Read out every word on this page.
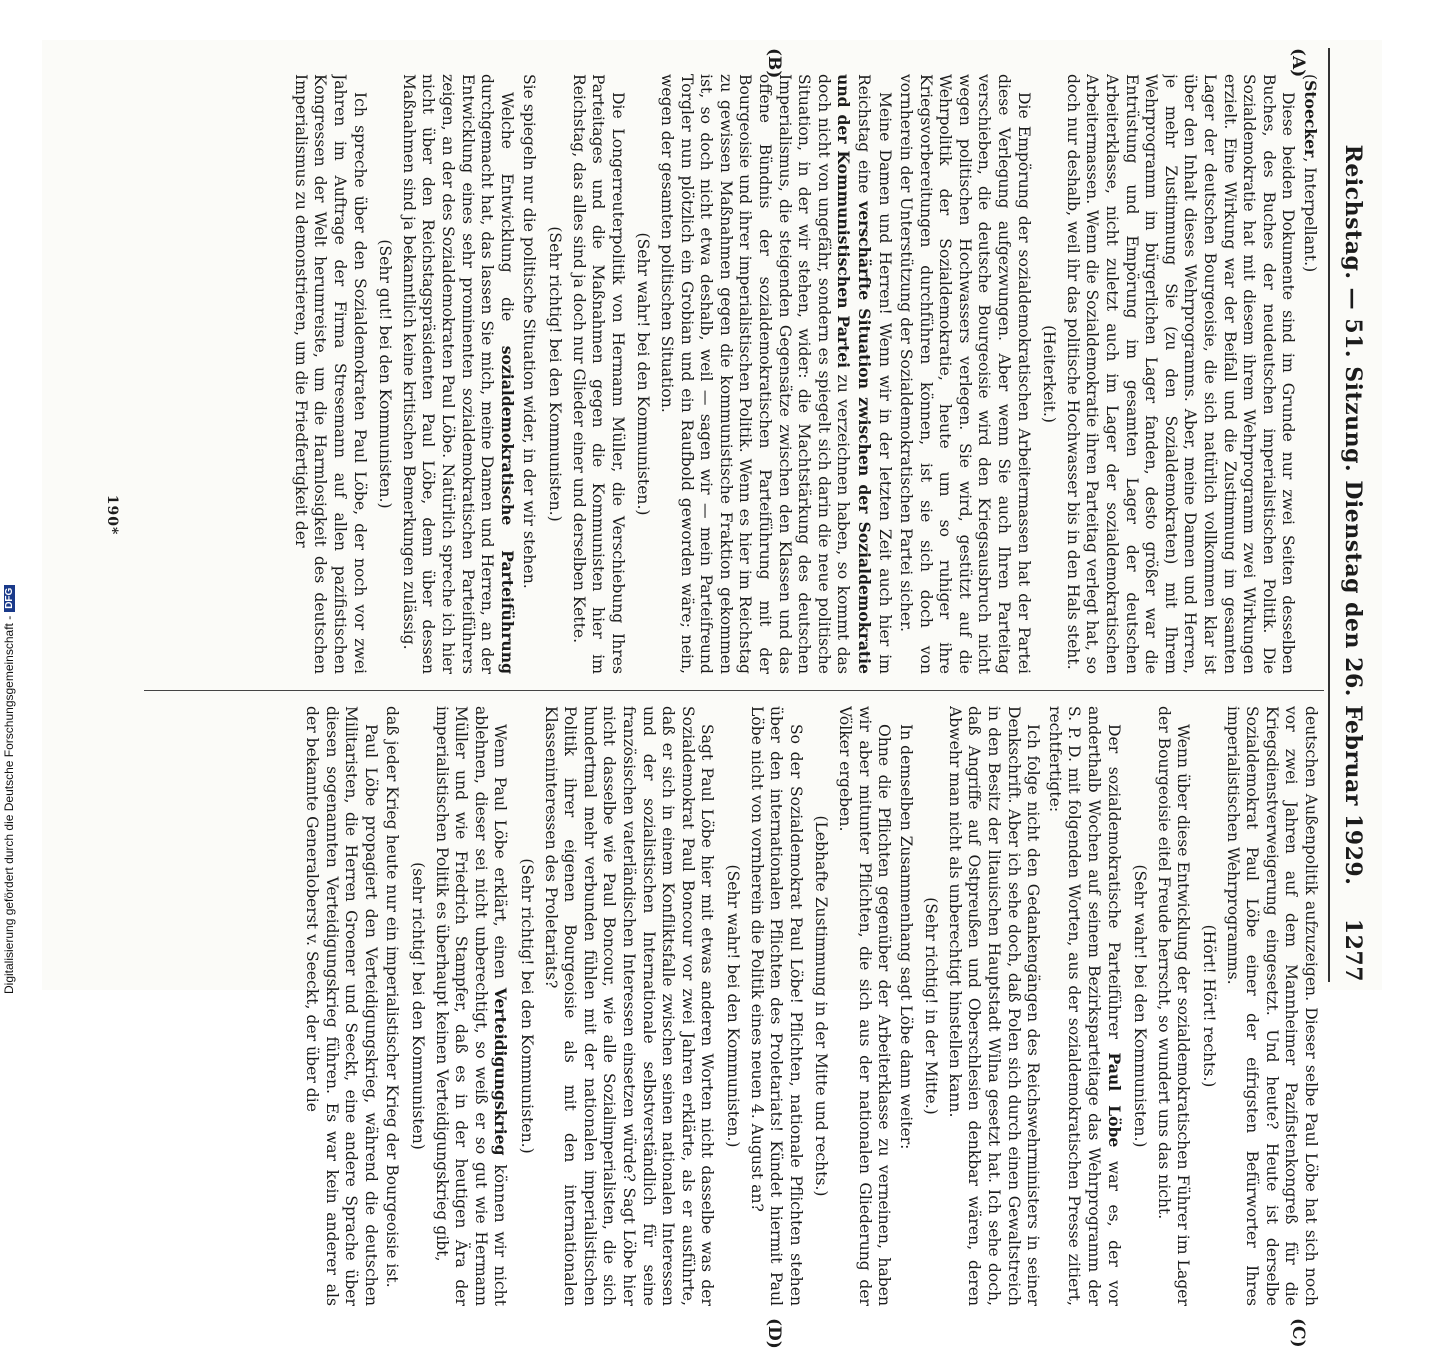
Reichstag. — 51. Sitzung. Dienstag den 26. Februar 1929.
1277
(A)
(B)
(C)
(D)

(Stoecker, Interpellant.)

Diese beiden Dokumente sind im Grunde nur zwei Seiten desselben Buches, des Buches der neudeutschen imperialistischen Politik. Die Sozialdemokratie hat mit diesem ihrem Wehrprogramm zwei Wirkungen erzielt. Eine Wirkung war der Beifall und die Zustimmung im gesamten Lager der deutschen Bourgeoisie, die sich natürlich vollkommen klar ist über den Inhalt dieses Wehrprogramms. Aber, meine Damen und Herren, je mehr Zustimmung Sie (zu den Sozialdemokraten) mit Ihrem Wehrprogramm im bürgerlichen Lager fanden, desto größer war die Entrüstung und Empörung im gesamten Lager der deutschen Arbeiterklasse, nicht zuletzt auch im Lager der sozialdemokratischen Arbeitermassen. Wenn die Sozialdemokratie ihren Parteitag verlegt hat, so doch nur deshalb, weil ihr das politische Hochwasser bis in den Hals steht.

(Heiterkeit.)

Die Empörung der sozialdemokratischen Arbeitermassen hat der Partei diese Verlegung aufgezwungen. Aber wenn Sie auch Ihren Parteitag verschieben, die deutsche Bourgeoisie wird den Kriegsausbruch nicht wegen politischen Hochwassers verlegen. Sie wird, gestützt auf die Wehrpolitik der Sozialdemokratie, heute um so ruhiger ihre Kriegsvorbereitungen durchführen können, ist sie sich doch von vornherein der Unterstützung der Sozialdemokratischen Partei sicher.

Meine Damen und Herren! Wenn wir in der letzten Zeit auch hier im Reichstag eine verschärfte Situation zwischen der Sozialdemokratie und der Kommunistischen Partei zu verzeichnen haben, so kommt das doch nicht von ungefähr, sondern es spiegelt sich darin die neue politische Situation, in der wir stehen, wider: die Machtstärkung des deutschen Imperialismus, die steigenden Gegensätze zwischen den Klassen und das offene Bündnis der sozialdemokratischen Parteiführung mit der Bourgeoisie und ihrer imperialistischen Politik. Wenn es hier im Reichstag zu gewissen Maßnahmen gegen die kommunistische Fraktion gekommen ist, so doch nicht etwa deshalb, weil — sagen wir — mein Parteifreund Torgler nun plötzlich ein Grobian und ein Raufbold geworden wäre; nein, wegen der gesamten politischen Situation.

(Sehr wahr! bei den Kommunisten.)

Die Longerreuterpolitik von Hermann Müller, die Verschiebung Ihres Parteitages und die Maßnahmen gegen die Kommunisten hier im Reichstag, das alles sind ja doch nur Glieder einer und derselben Kette.

(Sehr richtig! bei den Kommunisten.)

Sie spiegeln nur die politische Situation wider, in der wir stehen.

Welche Entwicklung die sozialdemokratische Parteiführung durchgemacht hat, das lassen Sie mich, meine Damen und Herren, an der Entwicklung eines sehr prominenten sozialdemokratischen Parteiführers zeigen, an der des Sozialdemokraten Paul Löbe. Natürlich spreche ich hier nicht über den Reichstagspräsidenten Paul Löbe, denn über dessen Maßnahmen sind ja bekanntlich keine kritischen Bemerkungen zulässig.

(Sehr gut! bei den Kommunisten.)

Ich spreche über den Sozialdemokraten Paul Löbe, der noch vor zwei Jahren im Auftrage der Firma Stresemann auf allen pazifistischen Kongressen der Welt herumreiste, um die Harmlosigkeit des deutschen Imperialismus zu demonstrieren, um die Friedfertigkeit der

deutschen Außenpolitik aufzuzeigen. Dieser selbe Paul Löbe hat sich noch vor zwei Jahren auf dem Mannheimer Pazifistenkongreß für die Kriegsdienstverweigerung eingesetzt. Und heute? Heute ist derselbe Sozialdemokrat Paul Löbe einer der eifrigsten Befürworter Ihres imperialistischen Wehrprogramms.

(Hört! Hört! rechts.)

Wenn über diese Entwicklung der sozialdemokratischen Führer im Lager der Bourgeoisie eitel Freude herrscht, so wundert uns das nicht.

(Sehr wahr! bei den Kommunisten.)

Der sozialdemokratische Parteiführer Paul Löbe war es, der vor anderthalb Wochen auf seinem Bezirksparteitage das Wehrprogramm der S. P. D. mit folgenden Worten, aus der sozialdemokratischen Presse zitiert, rechtfertigte:

Ich folge nicht den Gedankengängen des Reichswehrministers in seiner Denkschrift. Aber ich sehe doch, daß Polen sich durch einen Gewaltstreich in den Besitz der litauischen Hauptstadt Wilna gesetzt hat. Ich sehe doch, daß Angriffe auf Ostpreußen und Oberschlesien denkbar wären, deren Abwehr man nicht als unberechtigt hinstellen kann.

(Sehr richtig! in der Mitte.)

In demselben Zusammenhang sagt Löbe dann weiter:

Ohne die Pflichten gegenüber der Arbeiterklasse zu verneinen, haben wir aber mitunter Pflichten, die sich aus der nationalen Gliederung der Völker ergeben.

(Lebhafte Zustimmung in der Mitte und rechts.)

So der Sozialdemokrat Paul Löbe! Pflichten, nationale Pflichten stehen über den internationalen Pflichten des Proletariats! Kündet hiermit Paul Löbe nicht von vornherein die Politik eines neuen 4. August an?

(Sehr wahr! bei den Kommunisten.)

Sagt Paul Löbe hier mit etwas anderen Worten nicht dasselbe was der Sozialdemokrat Paul Boncour vor zwei Jahren erklärte, als er ausführte, daß er sich in einem Konfliktsfalle zwischen seinen nationalen Interessen und der sozialistischen Internationale selbstverständlich für seine französischen vaterländischen Interessen einsetzen würde? Sagt Löbe hier nicht dasselbe wie Paul Boncour, wie alle Sozialimperialisten, die sich hundertmal mehr verbunden fühlen mit der nationalen imperialistischen Politik ihrer eigenen Bourgeoisie als mit den internationalen Klasseninteressen des Proletariats?

(Sehr richtig! bei den Kommunisten.)

Wenn Paul Löbe erklärt, einen Verteidigungskrieg können wir nicht ablehnen, dieser sei nicht unberechtigt, so weiß er so gut wie Hermann Müller und wie Friedrich Stampfer, daß es in der heutigen Ära der imperialistischen Politik es überhaupt keinen Verteidigungskrieg gibt,

(sehr richtig! bei den Kommunisten)

daß jeder Krieg heute nur ein imperialistischer Krieg der Bourgeoisie ist.

Paul Löbe propagiert den Verteidigungskrieg, während die deutschen Militaristen, die Herren Groener und Seeckt, eine andere Sprache über diesen sogenannten Verteidigungskrieg führen. Es war kein anderer als der bekannte Generaloberst v. Seeckt, der über die

190*
Digitalisierung gefördert durch die Deutsche Forschungsgemeinschaft -DFG
